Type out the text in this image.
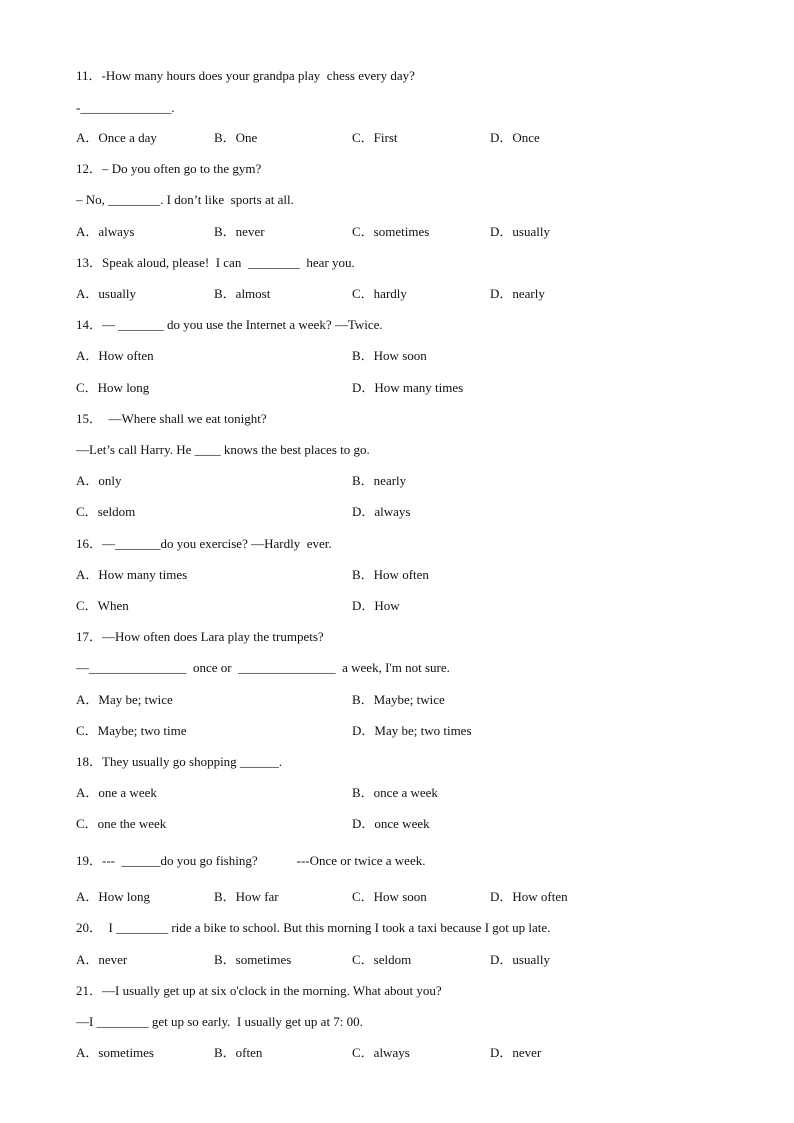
11．-How many hours does your grandpa play  chess every day?
-______________.
A．Once a day	B．One	C．First	D．Once
12．– Do you often go to the gym?
– No, ________. I don’t like  sports at all.
A．always	B．never	C．sometimes	D．usually
13．Speak aloud, please!  I can  ________  hear you.
A．usually	B．almost	C．hardly	D．nearly
14．— _______ do you use the Internet a week? —Twice.
A．How often	B．How soon
C．How long	D．How many times
15．  —Where shall we eat tonight?
—Let’s call Harry. He ____ knows the best places to go.
A．only	B．nearly
C．seldom	D．always
16．—_______do you exercise? —Hardly  ever.
A．How many times	B．How often
C．When	D．How
17．—How often does Lara play the trumpets?
—_______________  once or  _______________  a week, I'm not sure.
A．May be; twice	B．Maybe; twice
C．Maybe; two time	D．May be; two times
18．They usually go shopping ______.
A．one a week	B．once a week
C．one the week	D．once week
19．---  ______do you go fishing?            ---Once or twice a week.
A．How long	B．How far	C．How soon	D．How often
20．  I ________ ride a bike to school. But this morning I took a taxi because I got up late.
A．never	B．sometimes	C．seldom	D．usually
21．—I usually get up at six o'clock in the morning. What about you?
—I ________ get up so early.  I usually get up at 7: 00.
A．sometimes	B．often	C．always	D．never
